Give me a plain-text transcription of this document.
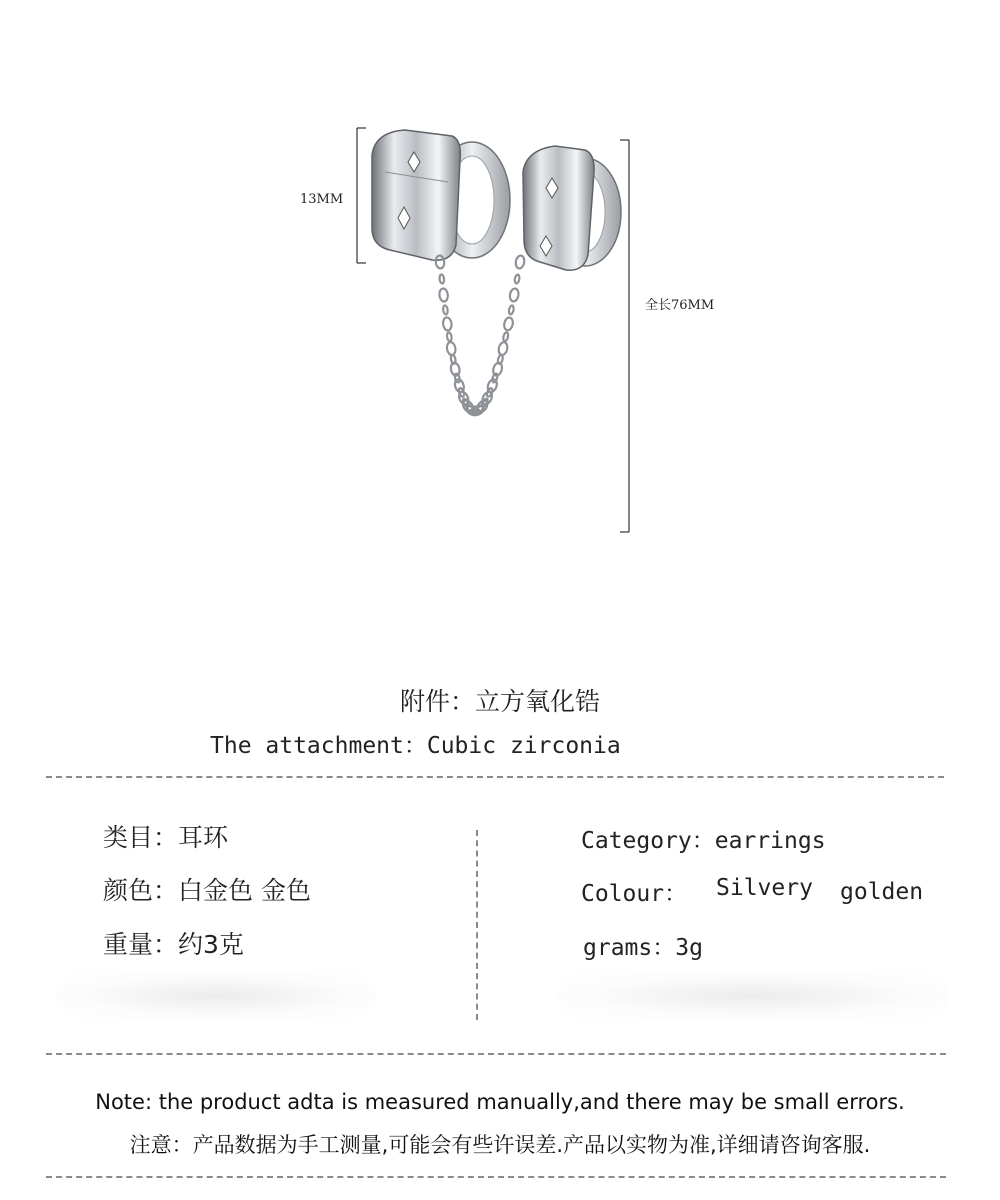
13MM
全长76MM
附件：立方氧化锆
The attachment：Cubic zirconia
类目：耳环
颜色：白金色 金色
重量：约3克
Category：earrings
Colour： Silvery golden
grams：3g
Note: the product adta is measured manually,and there may be small errors.
注意：产品数据为手工测量,可能会有些许误差.产品以实物为准,详细请咨询客服.
